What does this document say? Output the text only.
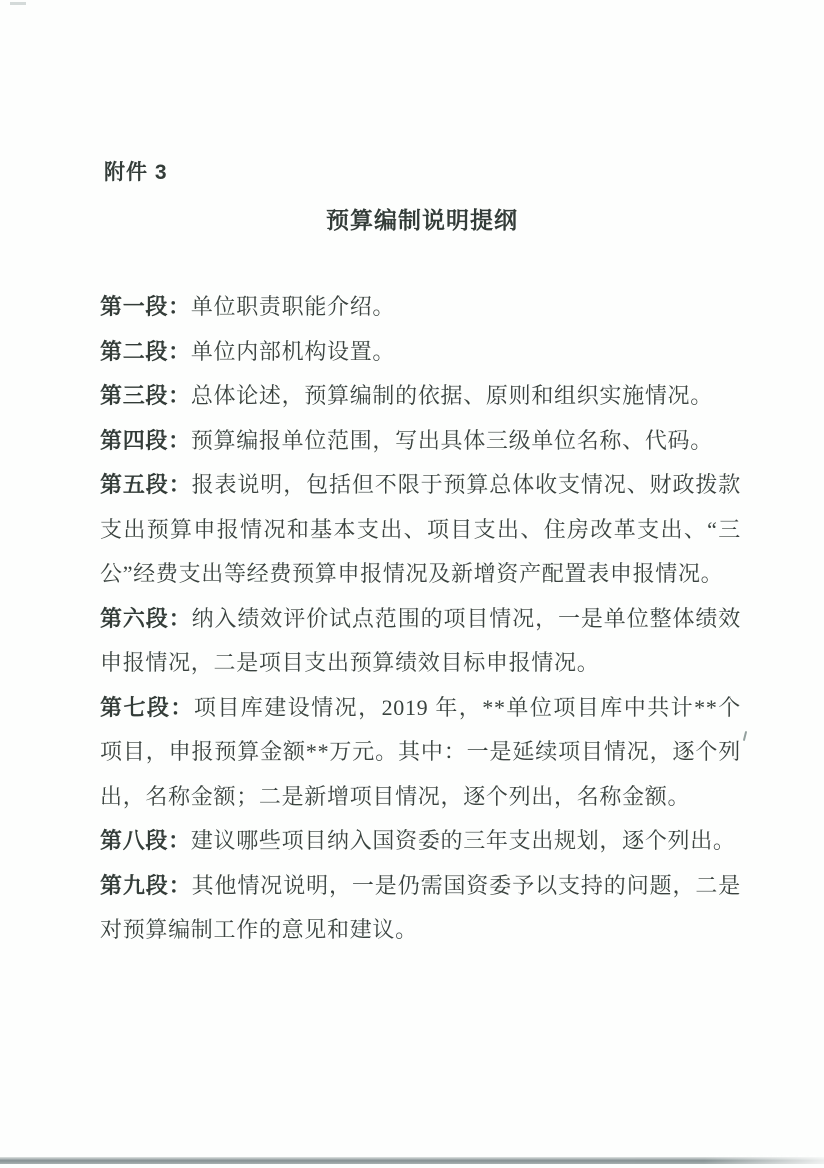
附件 3
预算编制说明提纲

第一段：单位职责职能介绍。

第二段：单位内部机构设置。

第三段：总体论述，预算编制的依据、原则和组织实施情况。

第四段：预算编报单位范围，写出具体三级单位名称、代码。

第五段：报表说明，包括但不限于预算总体收支情况、财政拨款支出预算申报情况和基本支出、项目支出、住房改革支出、“三公”经费支出等经费预算申报情况及新增资产配置表申报情况。

第六段：纳入绩效评价试点范围的项目情况，一是单位整体绩效申报情况，二是项目支出预算绩效目标申报情况。

第七段：项目库建设情况，2019 年，**单位项目库中共计**个项目，申报预算金额**万元。其中：一是延续项目情况，逐个列出，名称金额；二是新增项目情况，逐个列出，名称金额。

第八段：建议哪些项目纳入国资委的三年支出规划，逐个列出。

第九段：其他情况说明，一是仍需国资委予以支持的问题，二是对预算编制工作的意见和建议。
